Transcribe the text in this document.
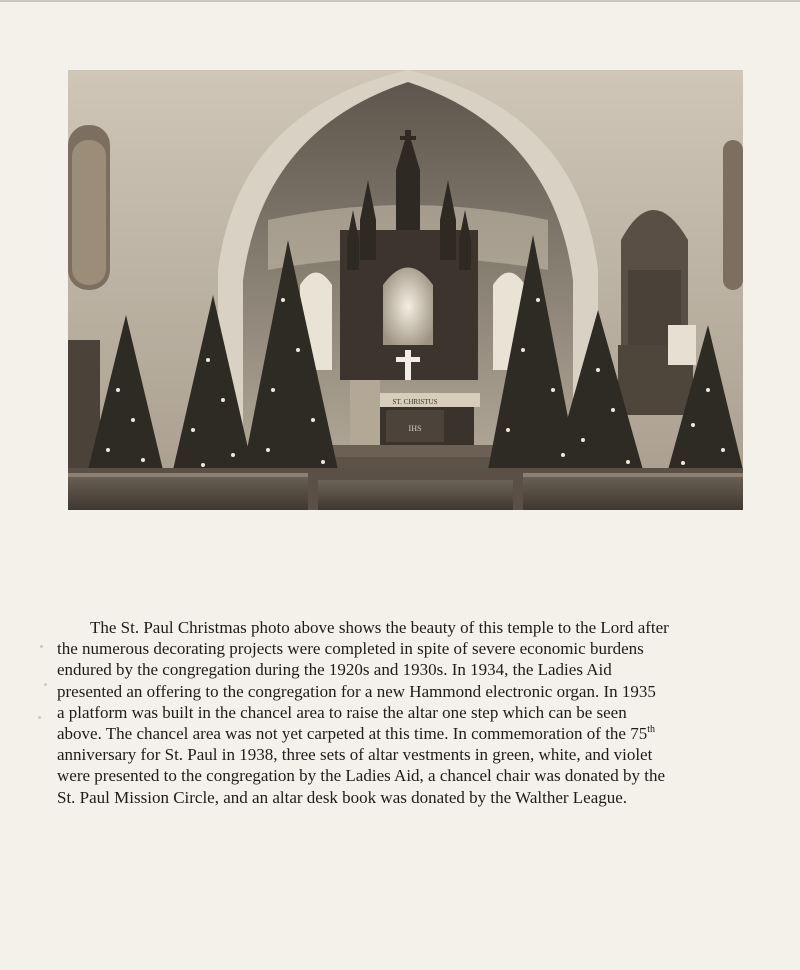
ST. CHRISTUS
IHS
The St. Paul Christmas photo above shows the beauty of this temple to the Lord after
the numerous decorating projects were completed in spite of severe economic burdens
endured by the congregation during the 1920s and 1930s. In 1934, the Ladies Aid
presented an offering to the congregation for a new Hammond electronic organ. In 1935
a platform was built in the chancel area to raise the altar one step which can be seen
above. The chancel area was not yet carpeted at this time. In commemoration of the 75th
anniversary for St. Paul in 1938, three sets of altar vestments in green, white, and violet
were presented to the congregation by the Ladies Aid, a chancel chair was donated by the
St. Paul Mission Circle, and an altar desk book was donated by the Walther League.
